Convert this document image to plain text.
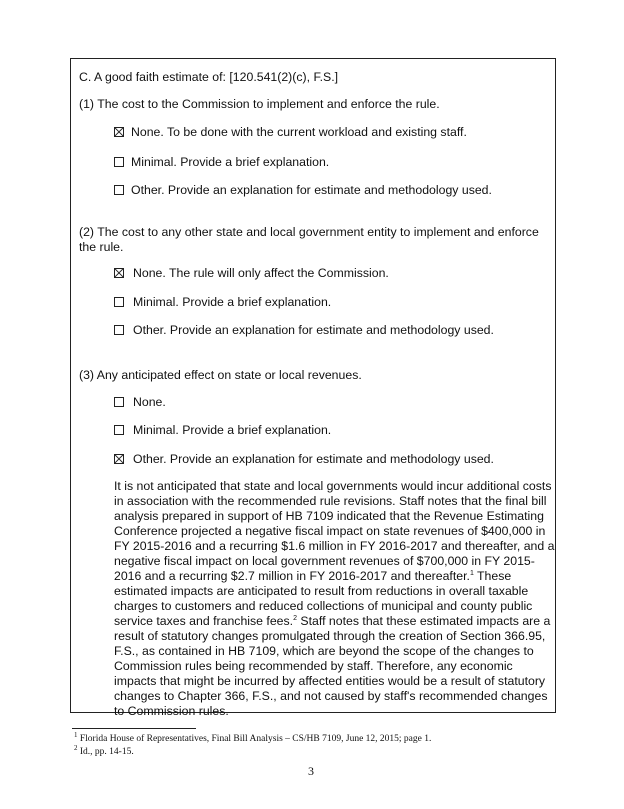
C. A good faith estimate of: [120.541(2)(c), F.S.]
(1) The cost to the Commission to implement and enforce the rule.
None. To be done with the current workload and existing staff.
Minimal. Provide a brief explanation.
Other. Provide an explanation for estimate and methodology used.
(2) The cost to any other state and local government entity to implement and enforce
the rule.
None. The rule will only affect the Commission.
Minimal. Provide a brief explanation.
Other. Provide an explanation for estimate and methodology used.
(3) Any anticipated effect on state or local revenues.
None.
Minimal. Provide a brief explanation.
Other. Provide an explanation for estimate and methodology used.
It is not anticipated that state and local governments would incur additional costs
in association with the recommended rule revisions. Staff notes that the final bill
analysis prepared in support of HB 7109 indicated that the Revenue Estimating
Conference projected a negative fiscal impact on state revenues of $400,000 in
FY 2015-2016 and a recurring $1.6 million in FY 2016-2017 and thereafter, and a
negative fiscal impact on local government revenues of $700,000 in FY 2015-
2016 and a recurring $2.7 million in FY 2016-2017 and thereafter.$^1$ These
estimated impacts are anticipated to result from reductions in overall taxable
charges to customers and reduced collections of municipal and county public
service taxes and franchise fees.$^2$ Staff notes that these estimated impacts are a
result of statutory changes promulgated through the creation of Section 366.95,
F.S., as contained in HB 7109, which are beyond the scope of the changes to
Commission rules being recommended by staff. Therefore, any economic
impacts that might be incurred by affected entities would be a result of statutory
changes to Chapter 366, F.S., and not caused by staff's recommended changes
to Commission rules.
$^1$ Florida House of Representatives, Final Bill Analysis – CS/HB 7109, June 12, 2015; page 1.
$^2$ Id., pp. 14-15.
3
